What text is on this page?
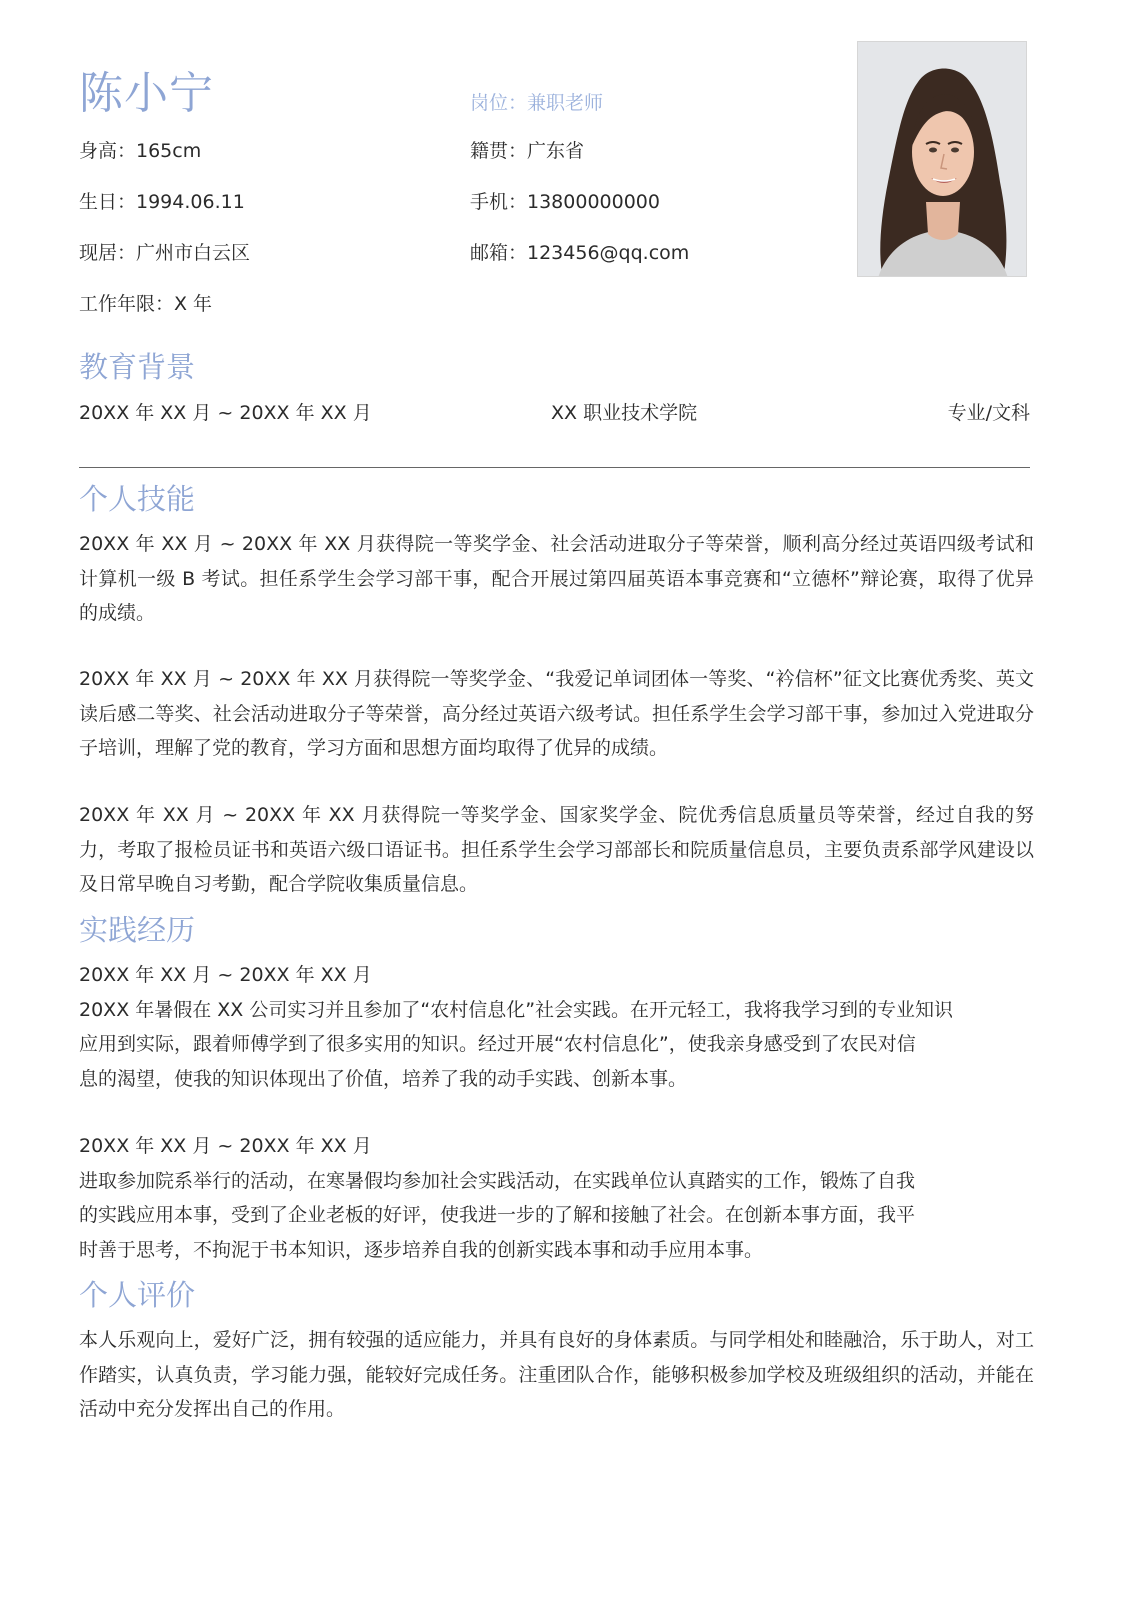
陈小宁	岗位：兼职老师
身高：165cm	籍贯：广东省
生日：1994.06.11	手机：13800000000
现居：广州市白云区	邮箱：123456@qq.com
工作年限：X 年
教育背景
20XX 年 XX 月 ~ 20XX 年 XX 月	XX 职业技术学院	专业/文科
个人技能
20XX 年 XX 月 ~ 20XX 年 XX 月获得院一等奖学金、社会活动进取分子等荣誉，顺利高分经过英语四级考试和计算机一级 B 考试。担任系学生会学习部干事，配合开展过第四届英语本事竞赛和“立德杯”辩论赛，取得了优异的成绩。
20XX 年 XX 月 ~ 20XX 年 XX 月获得院一等奖学金、“我爱记单词团体一等奖、“衿信杯”征文比赛优秀奖、英文读后感二等奖、社会活动进取分子等荣誉，高分经过英语六级考试。担任系学生会学习部干事，参加过入党进取分子培训，理解了党的教育，学习方面和思想方面均取得了优异的成绩。
20XX 年 XX 月 ~ 20XX 年 XX 月获得院一等奖学金、国家奖学金、院优秀信息质量员等荣誉，经过自我的努力，考取了报检员证书和英语六级口语证书。担任系学生会学习部部长和院质量信息员，主要负责系部学风建设以及日常早晚自习考勤，配合学院收集质量信息。
实践经历
20XX 年 XX 月 ~ 20XX 年 XX 月
20XX 年暑假在 XX 公司实习并且参加了“农村信息化”社会实践。在开元轻工，我将我学习到的专业知识
应用到实际，跟着师傅学到了很多实用的知识。经过开展“农村信息化”，使我亲身感受到了农民对信
息的渴望，使我的知识体现出了价值，培养了我的动手实践、创新本事。
20XX 年 XX 月 ~ 20XX 年 XX 月
进取参加院系举行的活动，在寒暑假均参加社会实践活动，在实践单位认真踏实的工作，锻炼了自我
的实践应用本事，受到了企业老板的好评，使我进一步的了解和接触了社会。在创新本事方面，我平
时善于思考，不拘泥于书本知识，逐步培养自我的创新实践本事和动手应用本事。
个人评价
本人乐观向上，爱好广泛，拥有较强的适应能力，并具有良好的身体素质。与同学相处和睦融洽，乐于助人，对工作踏实，认真负责，学习能力强，能较好完成任务。注重团队合作，能够积极参加学校及班级组织的活动，并能在活动中充分发挥出自己的作用。
